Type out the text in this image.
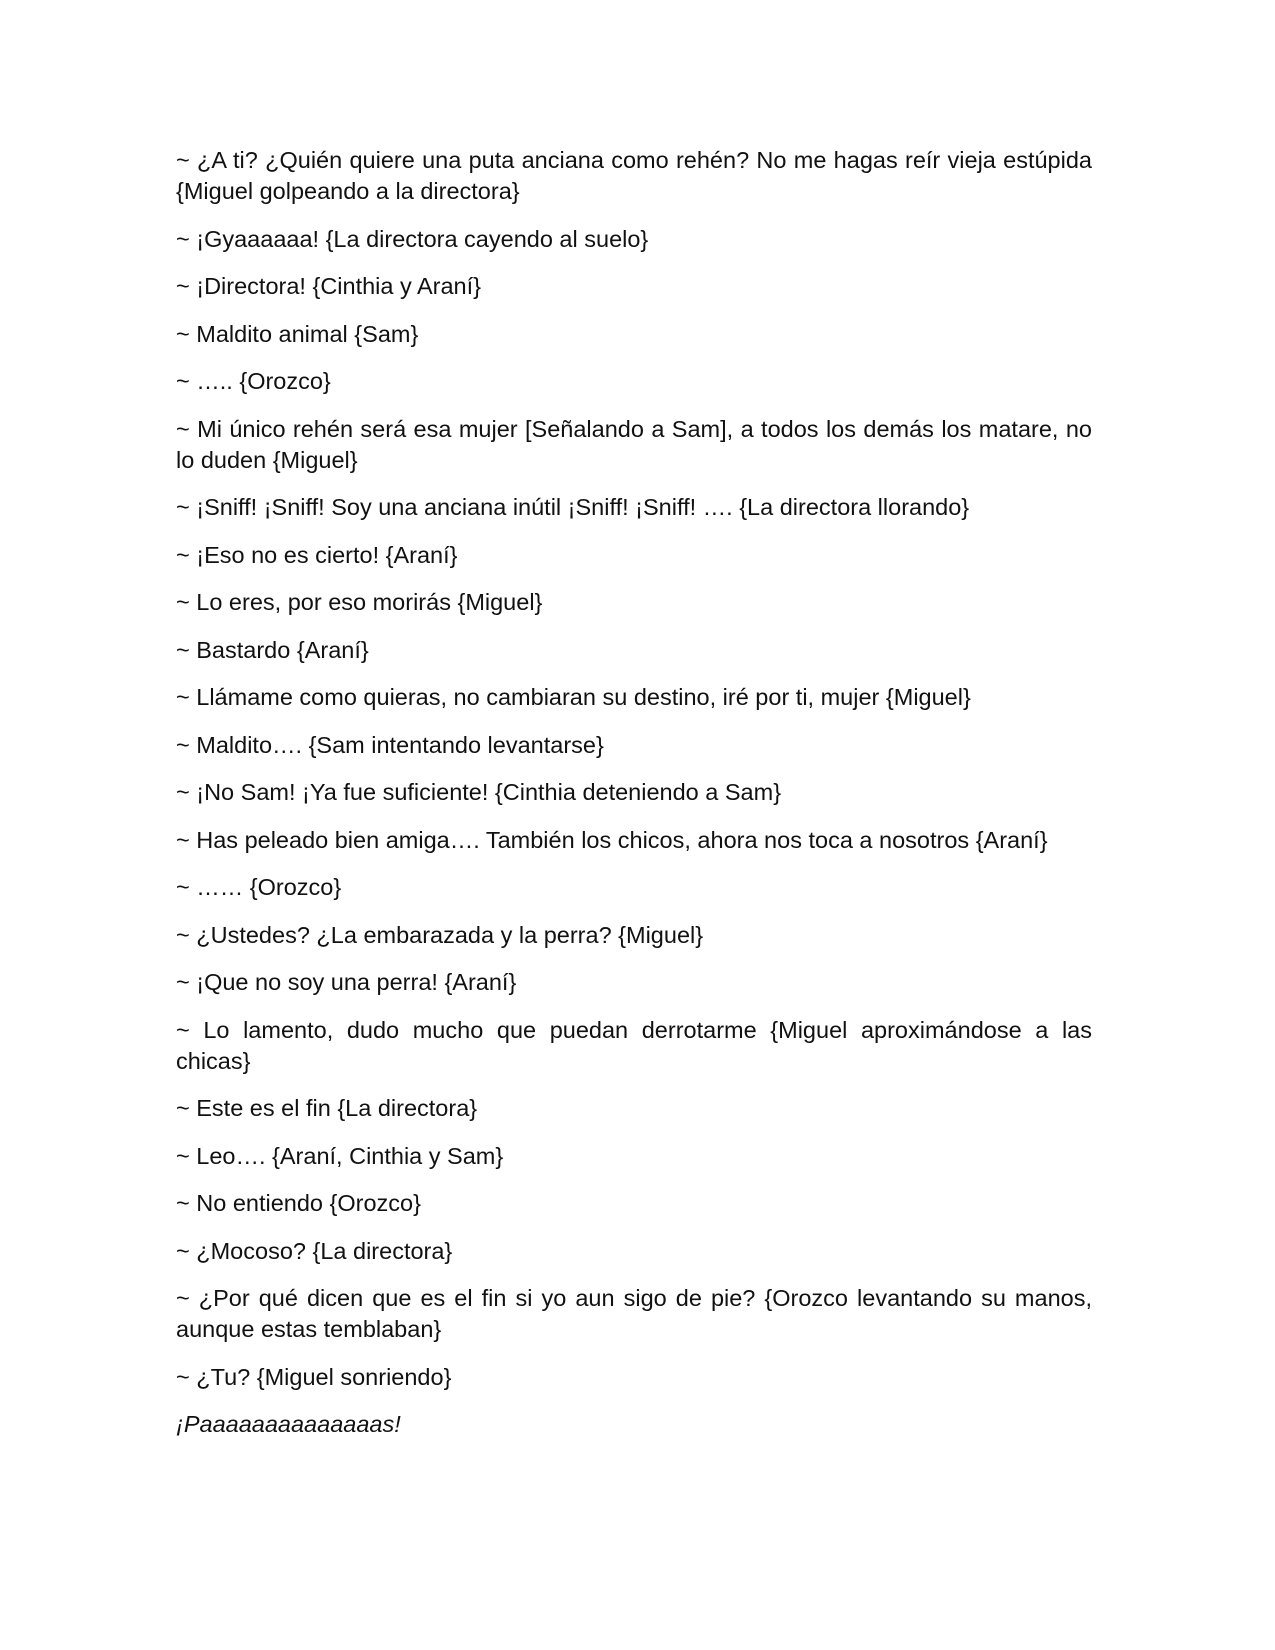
~ ¿A ti? ¿Quién quiere una puta anciana como rehén? No me hagas reír vieja estúpida {Miguel golpeando a la directora}

~ ¡Gyaaaaaa! {La directora cayendo al suelo}

~ ¡Directora! {Cinthia y Araní}

~ Maldito animal {Sam}

~ ….. {Orozco}

~ Mi único rehén será esa mujer [Señalando a Sam], a todos los demás los matare, no lo duden {Miguel}

~ ¡Sniff! ¡Sniff! Soy una anciana inútil ¡Sniff! ¡Sniff! …. {La directora llorando}

~ ¡Eso no es cierto! {Araní}

~ Lo eres, por eso morirás {Miguel}

~ Bastardo {Araní}

~ Llámame como quieras, no cambiaran su destino, iré por ti, mujer {Miguel}

~ Maldito…. {Sam intentando levantarse}

~ ¡No Sam! ¡Ya fue suficiente! {Cinthia deteniendo a Sam}

~ Has peleado bien amiga…. También los chicos, ahora nos toca a nosotros {Araní}

~ …… {Orozco}

~ ¿Ustedes? ¿La embarazada y la perra? {Miguel}

~ ¡Que no soy una perra! {Araní}

~ Lo lamento, dudo mucho que puedan derrotarme {Miguel aproximándose a las chicas}

~ Este es el fin {La directora}

~ Leo…. {Araní, Cinthia y Sam}

~ No entiendo {Orozco}

~ ¿Mocoso? {La directora}

~ ¿Por qué dicen que es el fin si yo aun sigo de pie? {Orozco levantando su manos, aunque estas temblaban}

~ ¿Tu? {Miguel sonriendo}

¡Paaaaaaaaaaaaaas!
